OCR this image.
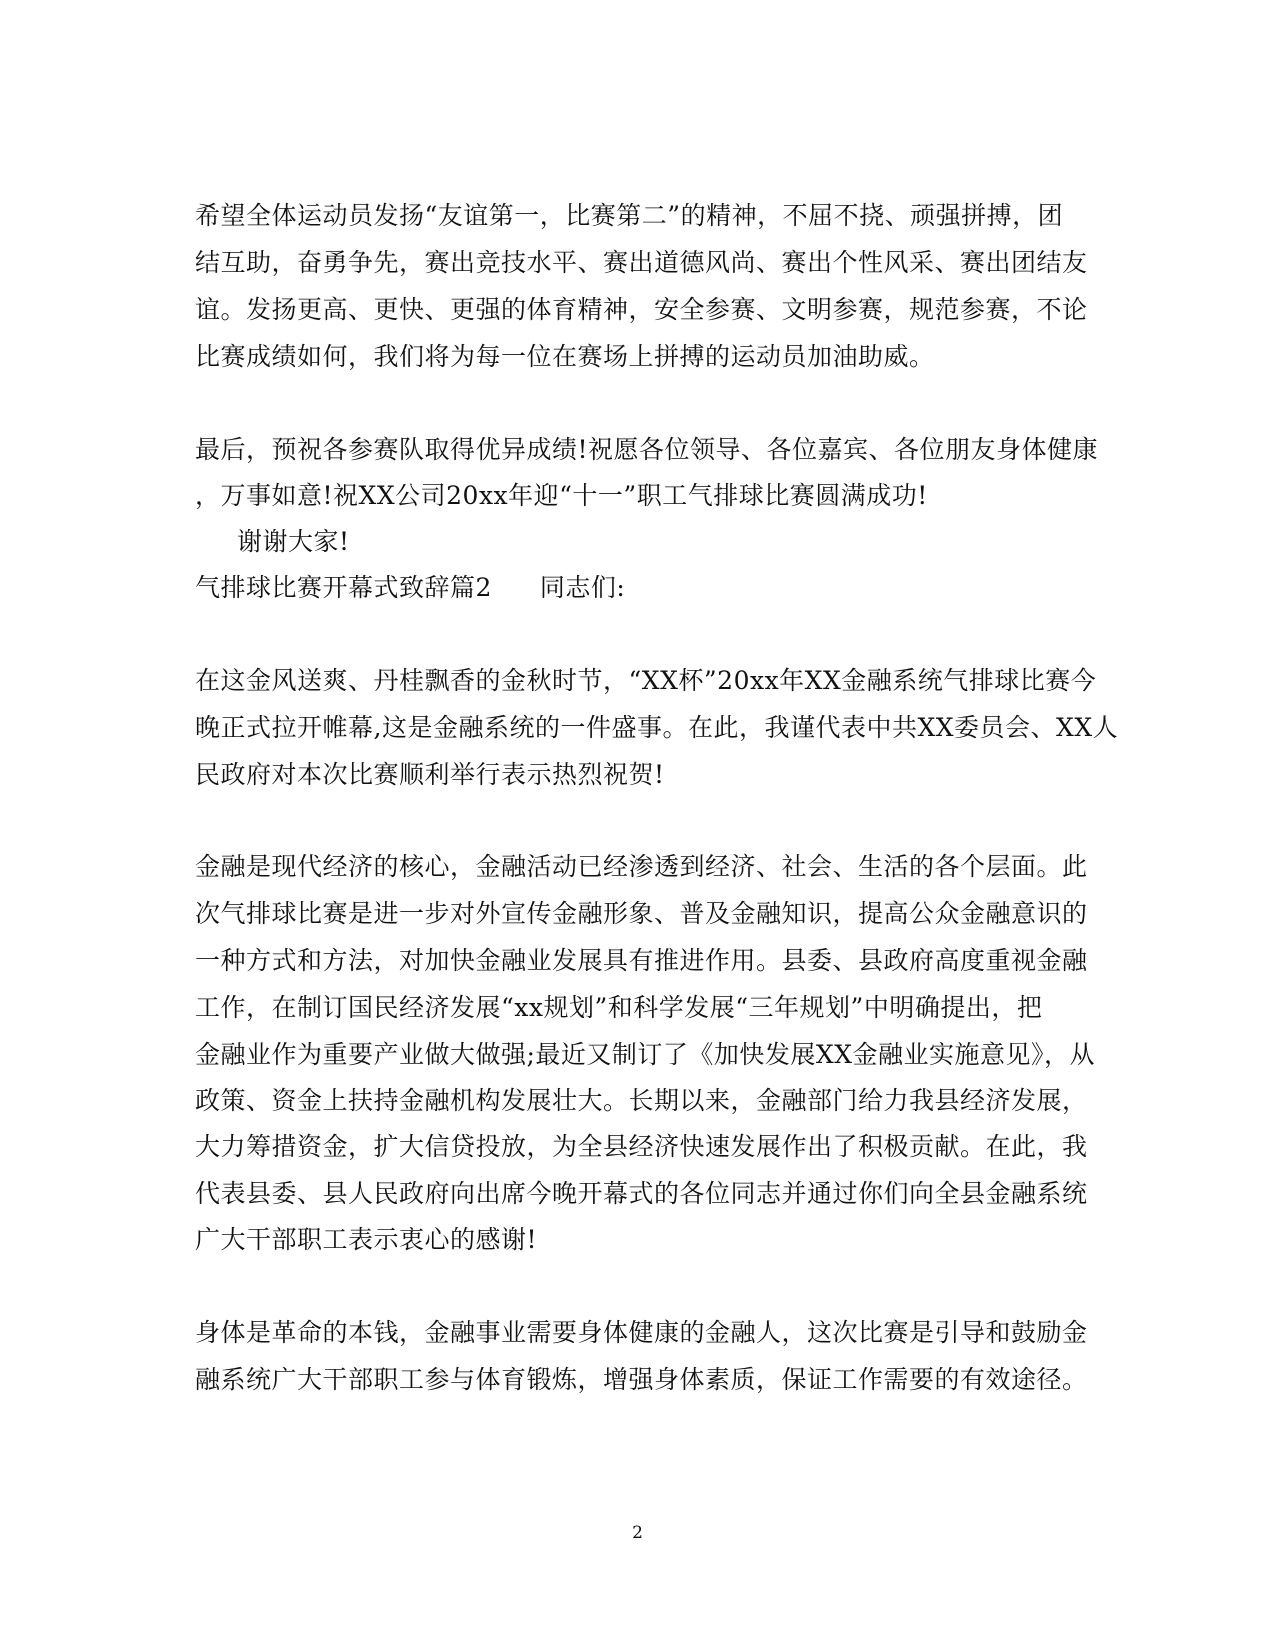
希望全体运动员发扬“友谊第一，比赛第二”的精神，不屈不挠、顽强拼搏，团
结互助，奋勇争先，赛出竞技水平、赛出道德风尚、赛出个性风采、赛出团结友
谊。发扬更高、更快、更强的体育精神，安全参赛、文明参赛，规范参赛，不论
比赛成绩如何，我们将为每一位在赛场上拼搏的运动员加油助威。
最后，预祝各参赛队取得优异成绩!祝愿各位领导、各位嘉宾、各位朋友身体健康
，万事如意!祝XX公司20xx年迎“十一”职工气排球比赛圆满成功!
谢谢大家!
气排球比赛开幕式致辞篇2 同志们:
在这金风送爽、丹桂飘香的金秋时节，“XX杯”20xx年XX金融系统气排球比赛今
晚正式拉开帷幕,这是金融系统的一件盛事。在此，我谨代表中共XX委员会、XX人
民政府对本次比赛顺利举行表示热烈祝贺!
金融是现代经济的核心，金融活动已经渗透到经济、社会、生活的各个层面。此
次气排球比赛是进一步对外宣传金融形象、普及金融知识，提高公众金融意识的
一种方式和方法，对加快金融业发展具有推进作用。县委、县政府高度重视金融
工作，在制订国民经济发展“xx规划”和科学发展“三年规划”中明确提出，把
金融业作为重要产业做大做强;最近又制订了《加快发展XX金融业实施意见》，从
政策、资金上扶持金融机构发展壮大。长期以来，金融部门给力我县经济发展，
大力筹措资金，扩大信贷投放，为全县经济快速发展作出了积极贡献。在此，我
代表县委、县人民政府向出席今晚开幕式的各位同志并通过你们向全县金融系统
广大干部职工表示衷心的感谢!
身体是革命的本钱，金融事业需要身体健康的金融人，这次比赛是引导和鼓励金
融系统广大干部职工参与体育锻炼，增强身体素质，保证工作需要的有效途径。
2
